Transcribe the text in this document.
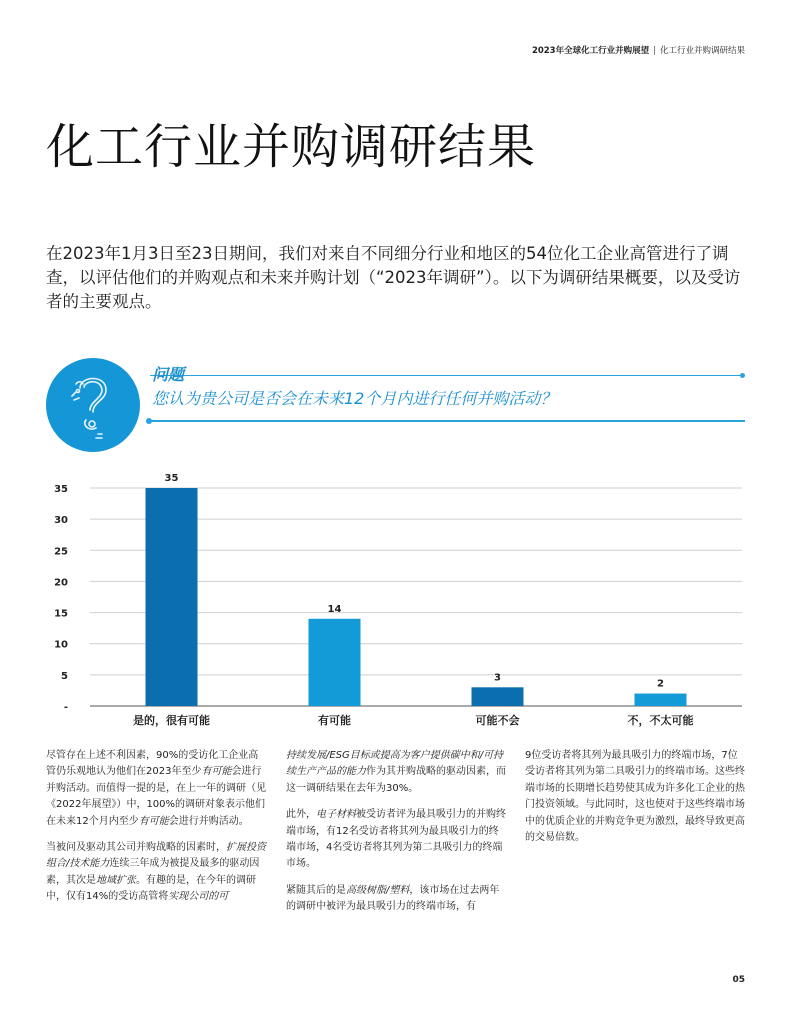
2023年全球化工行业并购展望 | 化工行业并购调研结果
化工行业并购调研结果

在2023年1月3日至23日期间，我们对来自不同细分行业和地区的54位化工企业高管进行了调查，以评估他们的并购观点和未来并购计划（“2023年调研”）。以下为调研结果概要，以及受访者的主要观点。

问题
您认为贵公司是否会在未来12个月内进行任何并购活动？
-
5
10
15
20
25
30
35
35
是的，很有可能
14
有可能
3
可能不会
2
不，不太可能

尽管存在上述不利因素，90%的受访化工企业高管仍乐观地认为他们在2023年至少有可能会进行并购活动。而值得一提的是，在上一年的调研（见《2022年展望》）中，100%的调研对象表示他们在未来12个月内至少有可能会进行并购活动。

当被问及驱动其公司并购战略的因素时，扩展投资组合/技术能力连续三年成为被提及最多的驱动因素，其次是地域扩张。有趣的是，在今年的调研中，仅有14%的受访高管将实现公司的可

持续发展/ESG目标或提高为客户提供碳中和/可持续生产产品的能力作为其并购战略的驱动因素，而这一调研结果在去年为30%。

此外，电子材料被受访者评为最具吸引力的并购终端市场，有12名受访者将其列为最具吸引力的终端市场，4名受访者将其列为第二具吸引力的终端市场。

紧随其后的是高级树脂/塑料，该市场在过去两年的调研中被评为最具吸引力的终端市场，有

9位受访者将其列为最具吸引力的终端市场，7位受访者将其列为第二具吸引力的终端市场。这些终端市场的长期增长趋势使其成为许多化工企业的热门投资领域。与此同时，这也使对于这些终端市场中的优质企业的并购竞争更为激烈，最终导致更高的交易倍数。

05
